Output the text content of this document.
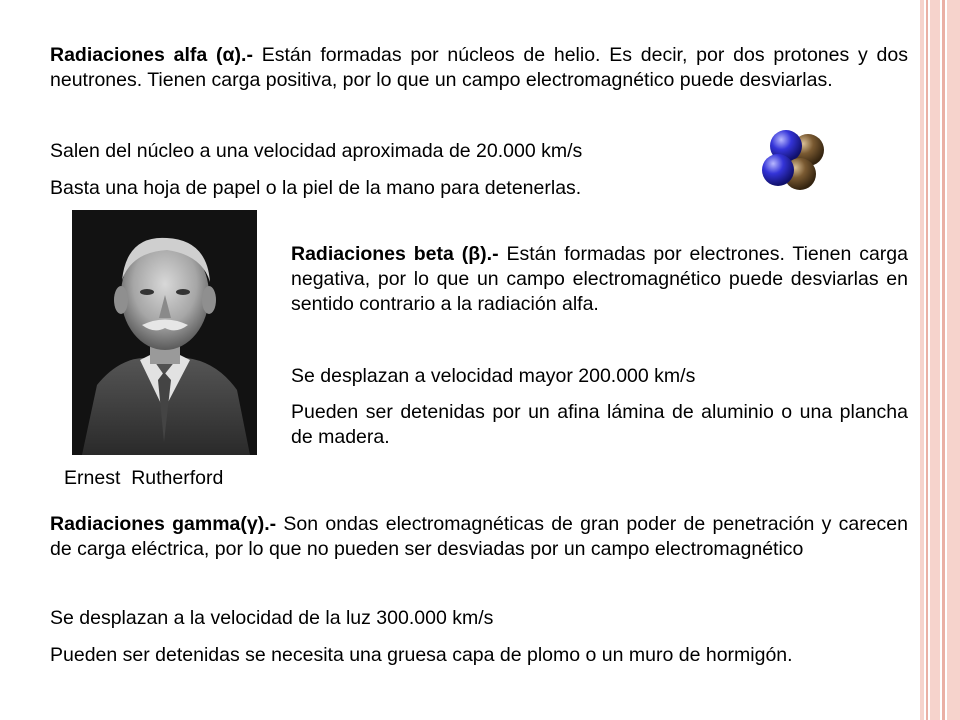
Radiaciones alfa (α).- Están formadas por núcleos de helio. Es decir, por dos protones y dos neutrones. Tienen carga positiva, por lo que un campo electromagnético puede desviarlas.

Salen del núcleo a una velocidad aproximada de 20.000 km/s

Basta una hoja de papel o la piel de la mano para detenerlas.

Ernest  Rutherford

Radiaciones beta (β).- Están formadas por electrones. Tienen carga negativa, por lo que un campo electromagnético puede desviarlas en sentido contrario a la radiación alfa.

Se desplazan a velocidad mayor 200.000 km/s

Pueden ser detenidas por un afina lámina de aluminio o una plancha de madera.

Radiaciones gamma(γ).- Son ondas electromagnéticas de gran poder de penetración y carecen de carga eléctrica, por lo que no pueden ser desviadas por un campo electromagnético

Se desplazan a la velocidad de la luz 300.000 km/s

Pueden ser detenidas se necesita una gruesa capa de plomo o un muro de hormigón.
